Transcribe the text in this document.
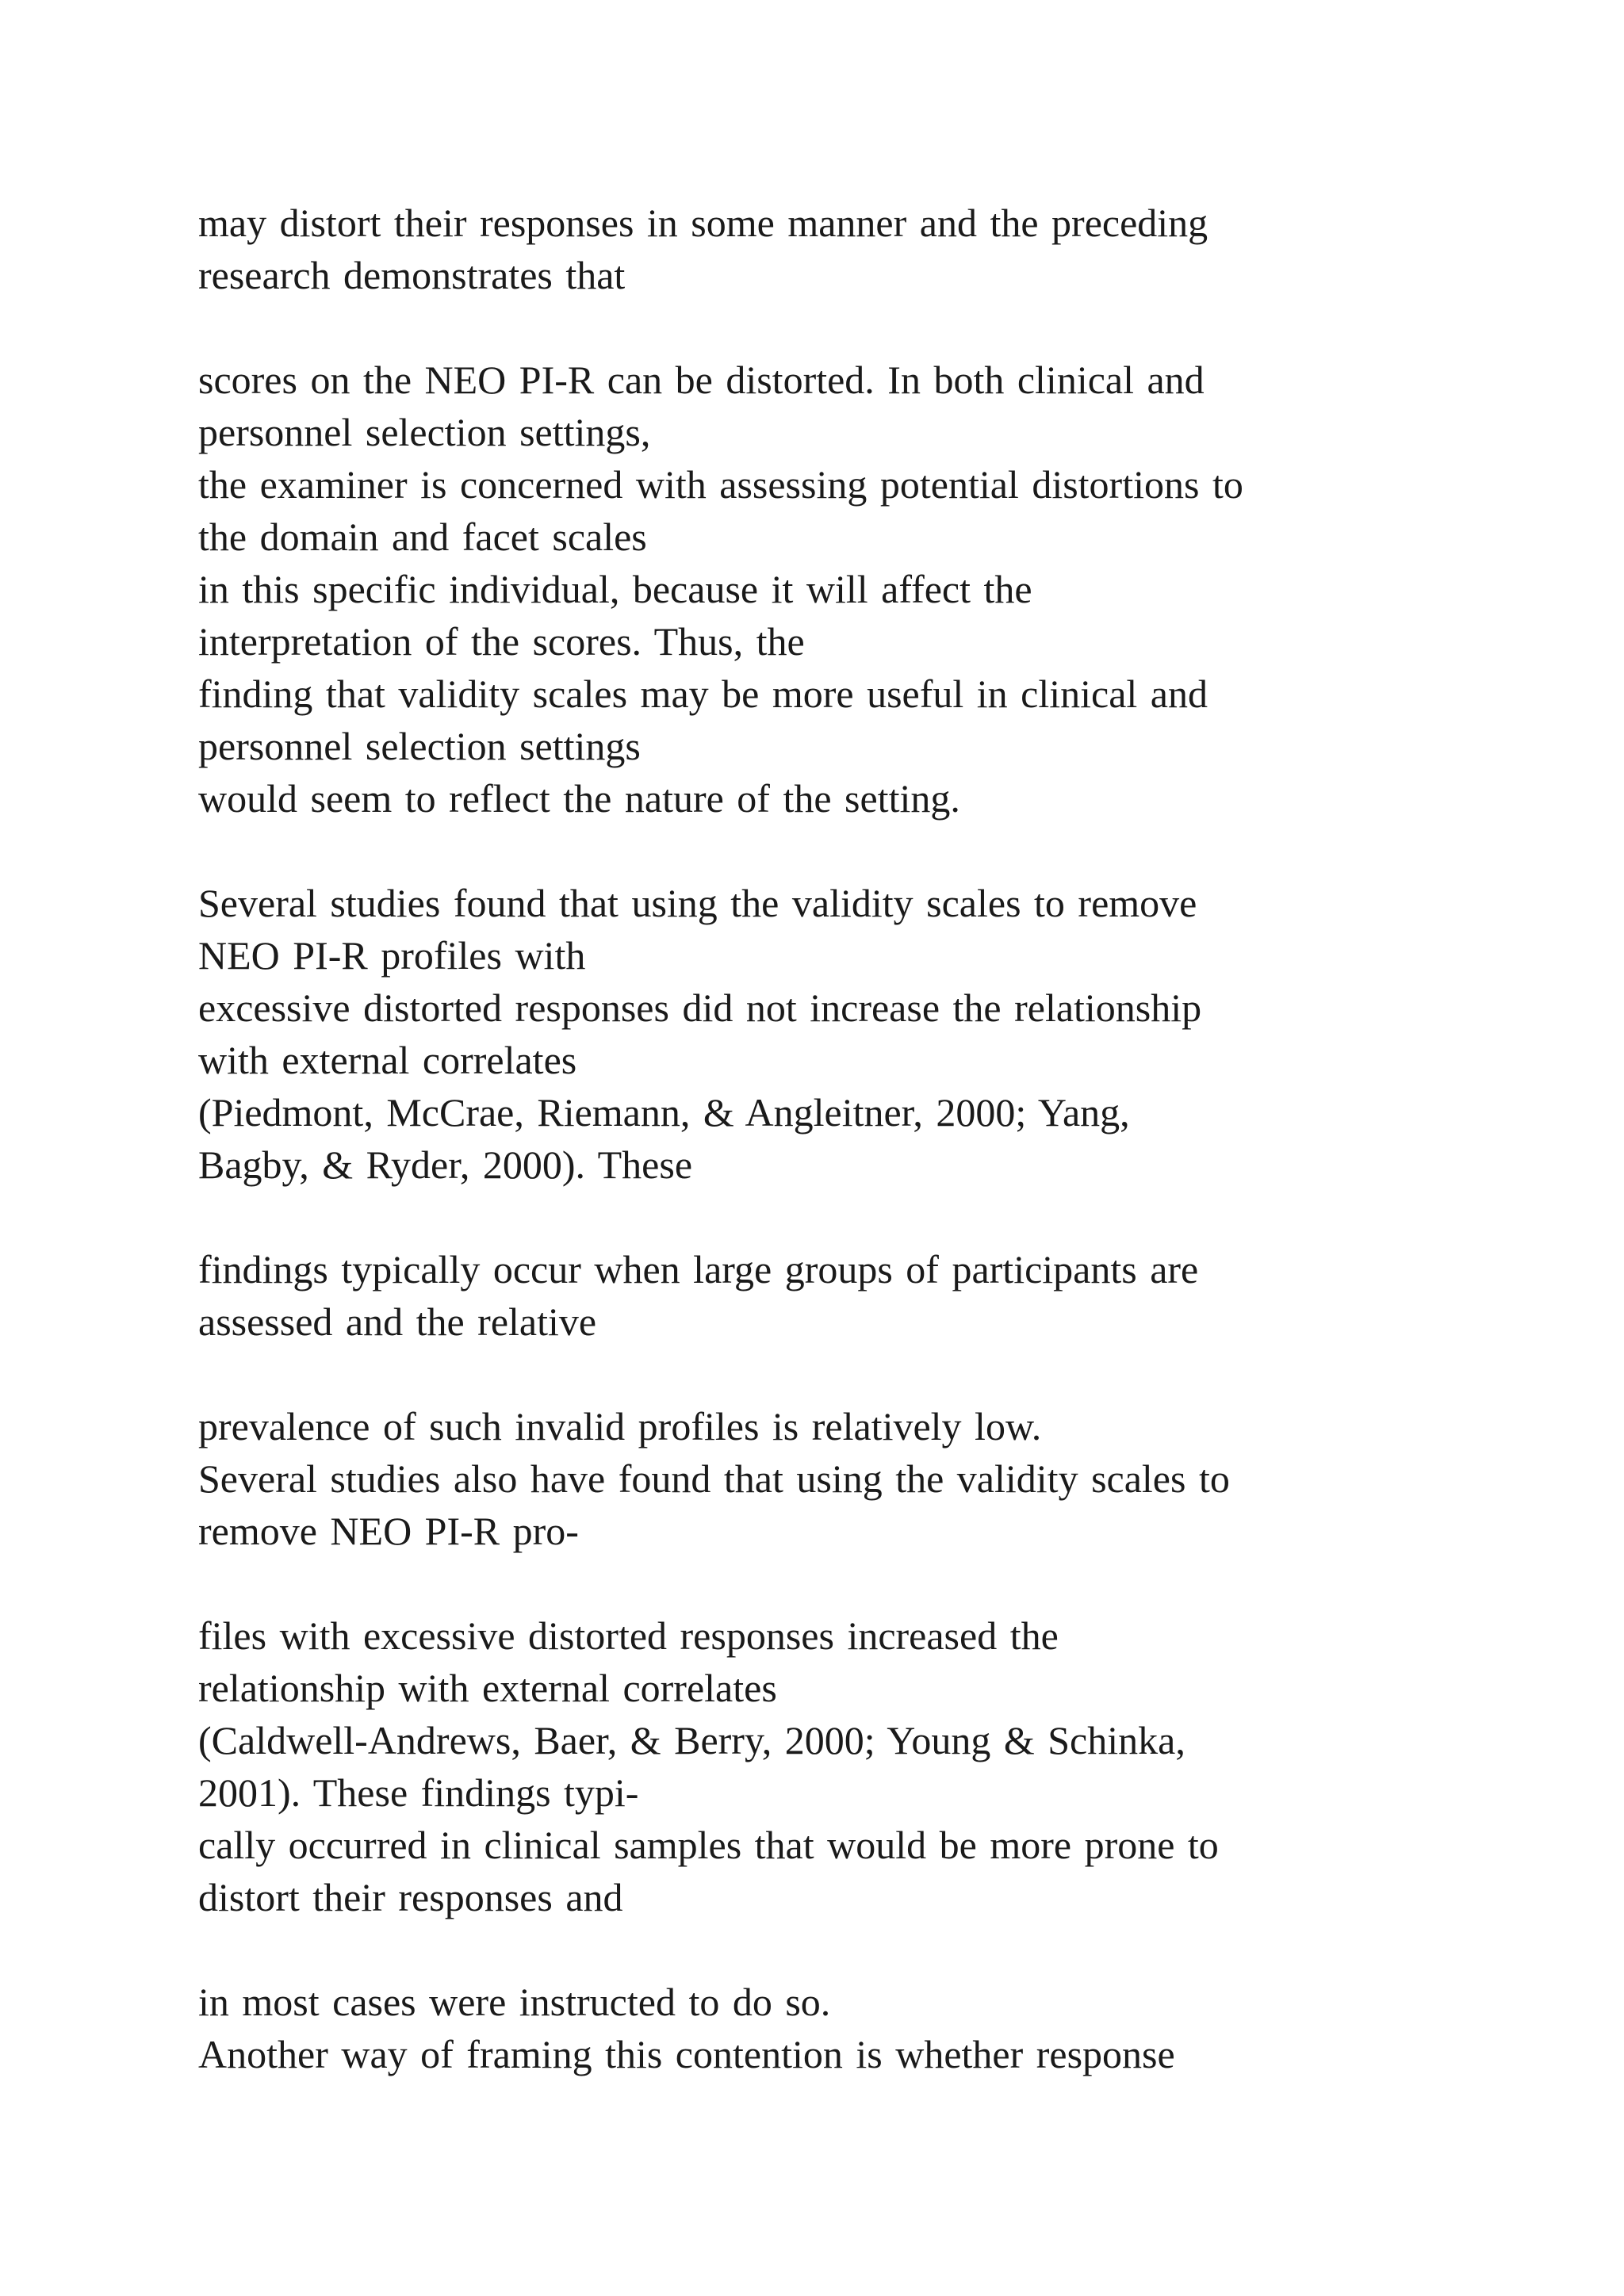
may distort their responses in some manner and the preceding
research demonstrates that
scores on the NEO PI-R can be distorted. In both clinical and
personnel selection settings,
the examiner is concerned with assessing potential distortions to
the domain and facet scales
in this specific individual, because it will affect the
interpretation of the scores. Thus, the
finding that validity scales may be more useful in clinical and
personnel selection settings
would seem to reflect the nature of the setting.
Several studies found that using the validity scales to remove
NEO PI-R profiles with
excessive distorted responses did not increase the relationship
with external correlates
(Piedmont, McCrae, Riemann, & Angleitner, 2000; Yang,
Bagby, & Ryder, 2000). These
findings typically occur when large groups of participants are
assessed and the relative
prevalence of such invalid profiles is relatively low.
Several studies also have found that using the validity scales to
remove NEO PI-R pro-
files with excessive distorted responses increased the
relationship with external correlates
(Caldwell-Andrews, Baer, & Berry, 2000; Young & Schinka,
2001). These findings typi-
cally occurred in clinical samples that would be more prone to
distort their responses and
in most cases were instructed to do so.
Another way of framing this contention is whether response
